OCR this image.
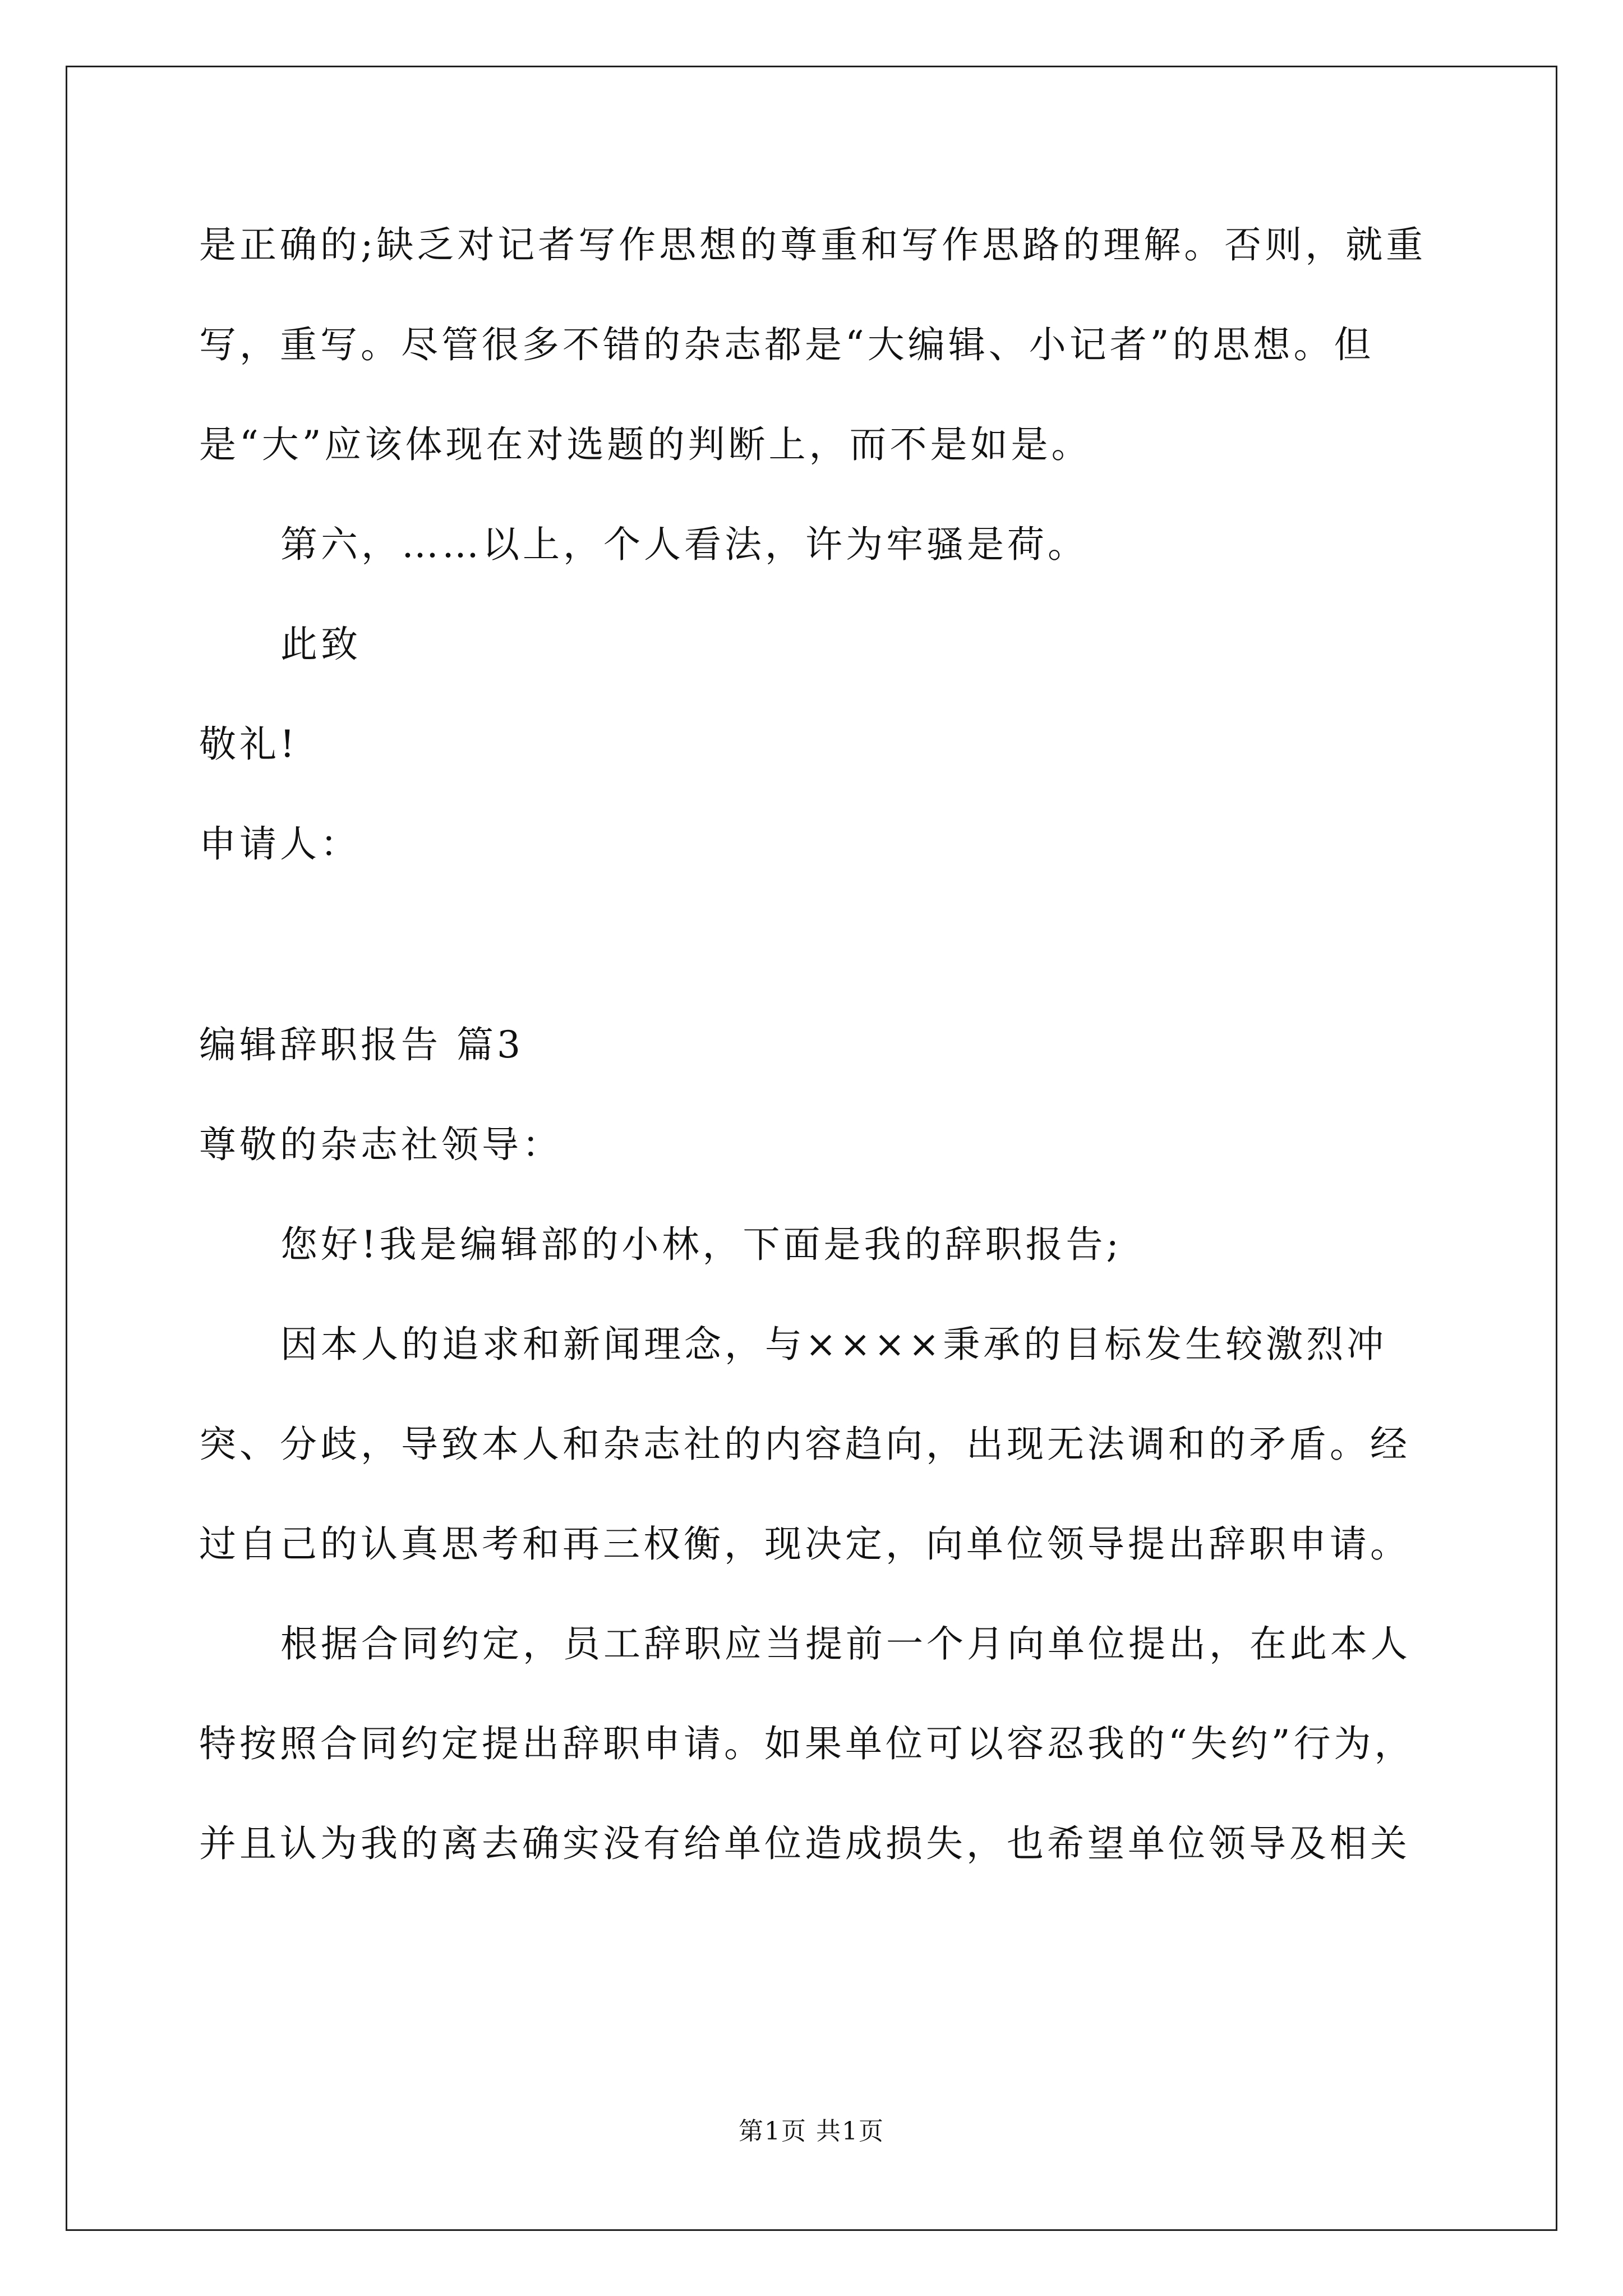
是正确的;缺乏对记者写作思想的尊重和写作思路的理解。否则，就重
写，重写。尽管很多不错的杂志都是“大编辑、小记者”的思想。但
是“大”应该体现在对选题的判断上，而不是如是。
第六，……以上，个人看法，许为牢骚是荷。
此致
敬礼!
申请人：
编辑辞职报告 篇3
尊敬的杂志社领导：
您好!我是编辑部的小林，下面是我的辞职报告;
因本人的追求和新闻理念，与××××秉承的目标发生较激烈冲
突、分歧，导致本人和杂志社的内容趋向，出现无法调和的矛盾。经
过自己的认真思考和再三权衡，现决定，向单位领导提出辞职申请。
根据合同约定，员工辞职应当提前一个月向单位提出，在此本人
特按照合同约定提出辞职申请。如果单位可以容忍我的“失约”行为，
并且认为我的离去确实没有给单位造成损失，也希望单位领导及相关
第1页 共1页
